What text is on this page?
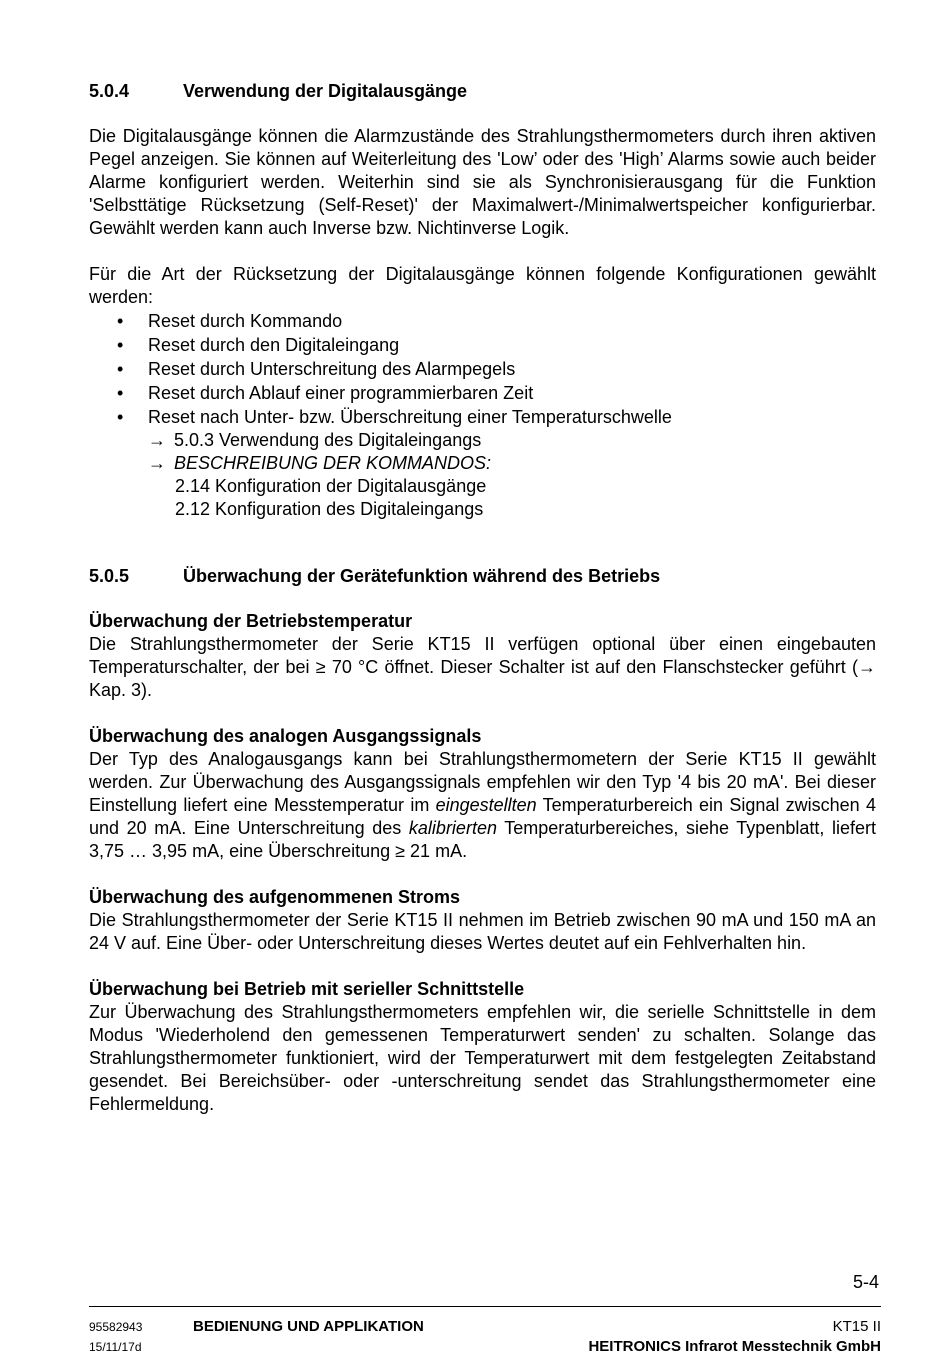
5.0.4	Verwendung der Digitalausgänge

Die Digitalausgänge können die Alarmzustände des Strahlungsthermometers durch ihren aktiven Pegel anzeigen. Sie können auf Weiterleitung des 'Low’ oder des 'High’ Alarms sowie auch beider Alarme konfiguriert werden. Weiterhin sind sie als Synchronisierausgang für die Funktion 'Selbsttätige Rücksetzung (Self-Reset)' der Maximalwert-/Minimalwertspeicher konfigurierbar. Gewählt werden kann auch Inverse bzw. Nichtinverse Logik.

Für die Art der Rücksetzung der Digitalausgänge können folgende Konfigurationen gewählt werden:

• Reset durch Kommando
• Reset durch den Digitaleingang
• Reset durch Unterschreitung des Alarmpegels
• Reset durch Ablauf einer programmierbaren Zeit
• Reset nach Unter- bzw. Überschreitung einer Temperaturschwelle
→ 5.0.3 Verwendung des Digitaleingangs
→ BESCHREIBUNG DER KOMMANDOS:
2.14 Konfiguration der Digitalausgänge
2.12 Konfiguration des Digitaleingangs
5.0.5	Überwachung der Gerätefunktion während des Betriebs
Überwachung der Betriebstemperatur

Die Strahlungsthermometer der Serie KT15 II verfügen optional über einen eingebauten Temperaturschalter, der bei ≥ 70 °C öffnet. Dieser Schalter ist auf den Flanschstecker geführt (→ Kap. 3).

Überwachung des analogen Ausgangssignals

Der Typ des Analogausgangs kann bei Strahlungsthermometern der Serie KT15 II gewählt werden. Zur Überwachung des Ausgangssignals empfehlen wir den Typ '4 bis 20 mA'. Bei dieser Einstellung liefert eine Messtemperatur im eingestellten Temperaturbereich ein Signal zwischen 4 und 20 mA. Eine Unterschreitung des kalibrierten Temperaturbereiches, siehe Typenblatt, liefert 3,75 … 3,95 mA, eine Überschreitung ≥ 21 mA.

Überwachung des aufgenommenen Stroms

Die Strahlungsthermometer der Serie KT15 II nehmen im Betrieb zwischen 90 mA und 150 mA an 24 V auf. Eine Über- oder Unterschreitung dieses Wertes deutet auf ein Fehlverhalten hin.

Überwachung bei Betrieb mit serieller Schnittstelle

Zur Überwachung des Strahlungsthermometers empfehlen wir, die serielle Schnittstelle in dem Modus 'Wiederholend den gemessenen Temperaturwert senden' zu schalten. Solange das Strahlungsthermometer funktioniert, wird der Temperaturwert mit dem festgelegten Zeitabstand gesendet. Bei Bereichsüber- oder -unterschreitung sendet das Strahlungsthermometer eine Fehlermeldung.

5-4
95582943	BEDIENUNG UND APPLIKATION	KT15 II
15/11/17d	HEITRONICS Infrarot Messtechnik GmbH
